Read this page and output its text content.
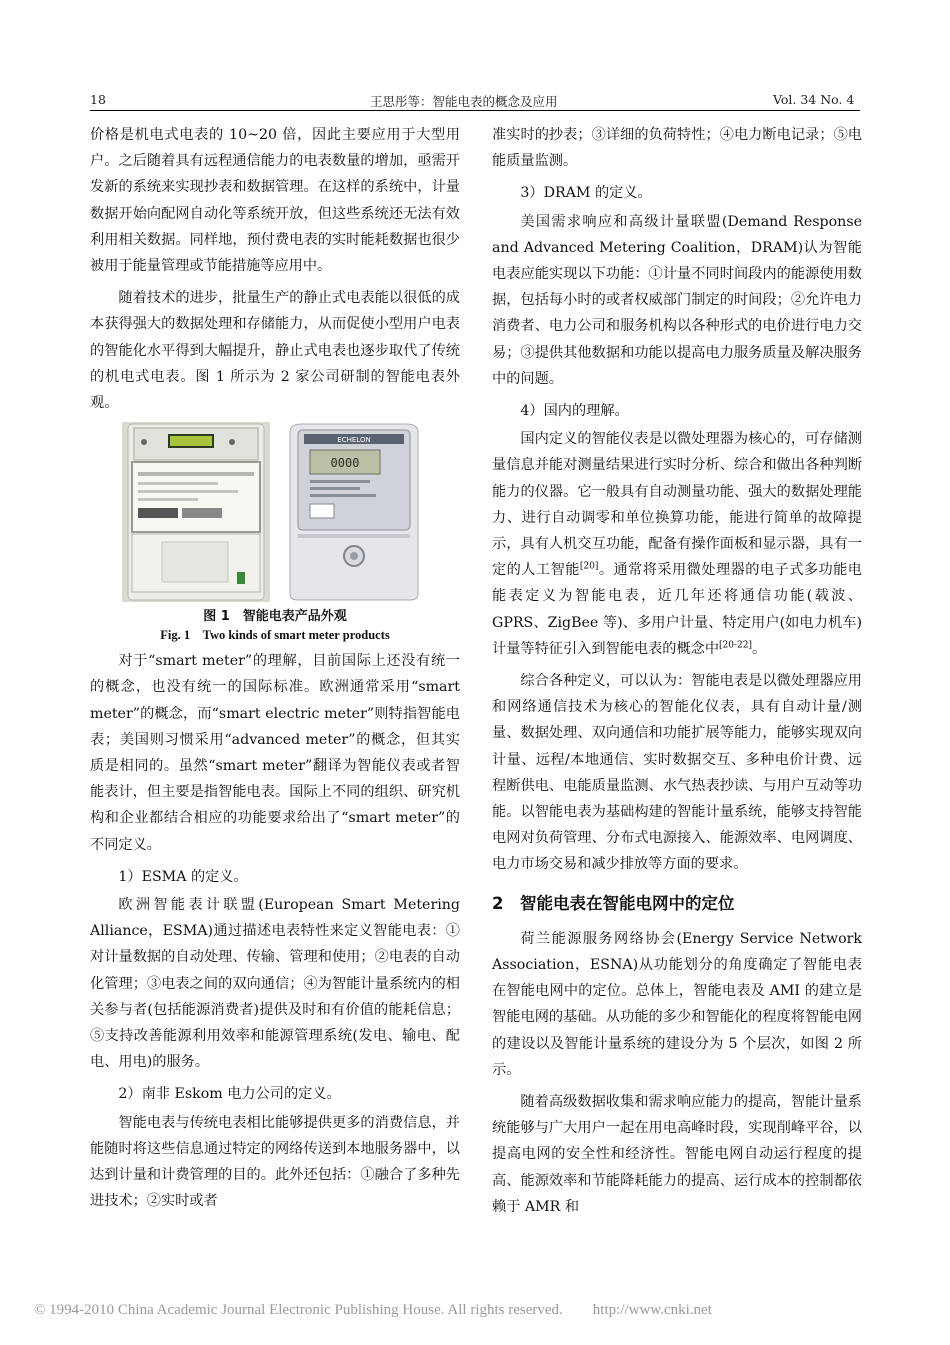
18	王思彤等：智能电表的概念及应用	Vol. 34 No. 4

价格是机电式电表的 10~20 倍，因此主要应用于大型用户。之后随着具有远程通信能力的电表数量的增加，亟需开发新的系统来实现抄表和数据管理。在这样的系统中，计量数据开始向配网自动化等系统开放，但这些系统还无法有效利用相关数据。同样地，预付费电表的实时能耗数据也很少被用于能量管理或节能措施等应用中。

随着技术的进步，批量生产的静止式电表能以很低的成本获得强大的数据处理和存储能力，从而促使小型用户电表的智能化水平得到大幅提升，静止式电表也逐步取代了传统的机电式电表。图 1 所示为 2 家公司研制的智能电表外观。

ECHELON
0000
图 1　智能电表产品外观
Fig. 1　Two kinds of smart meter products

对于“smart meter”的理解，目前国际上还没有统一的概念，也没有统一的国际标准。欧洲通常采用“smart meter”的概念，而“smart electric meter”则特指智能电表；美国则习惯采用“advanced meter”的概念，但其实质是相同的。虽然“smart meter”翻译为智能仪表或者智能表计，但主要是指智能电表。国际上不同的组织、研究机构和企业都结合相应的功能要求给出了“smart meter”的不同定义。

1）ESMA 的定义。

欧洲智能表计联盟(European Smart Metering Alliance，ESMA)通过描述电表特性来定义智能电表：①对计量数据的自动处理、传输、管理和使用；②电表的自动化管理；③电表之间的双向通信；④为智能计量系统内的相关参与者(包括能源消费者)提供及时和有价值的能耗信息；⑤支持改善能源利用效率和能源管理系统(发电、输电、配电、用电)的服务。

2）南非 Eskom 电力公司的定义。

智能电表与传统电表相比能够提供更多的消费信息，并能随时将这些信息通过特定的网络传送到本地服务器中，以达到计量和计费管理的目的。此外还包括：①融合了多种先进技术；②实时或者

准实时的抄表；③详细的负荷特性；④电力断电记录；⑤电能质量监测。

3）DRAM 的定义。

美国需求响应和高级计量联盟(Demand Response and Advanced Metering Coalition，DRAM)认为智能电表应能实现以下功能：①计量不同时间段内的能源使用数据，包括每小时的或者权威部门制定的时间段；②允许电力消费者、电力公司和服务机构以各种形式的电价进行电力交易；③提供其他数据和功能以提高电力服务质量及解决服务中的问题。

4）国内的理解。

国内定义的智能仪表是以微处理器为核心的，可存储测量信息并能对测量结果进行实时分析、综合和做出各种判断能力的仪器。它一般具有自动测量功能、强大的数据处理能力、进行自动调零和单位换算功能，能进行简单的故障提示，具有人机交互功能，配备有操作面板和显示器，具有一定的人工智能[20]。通常将采用微处理器的电子式多功能电能表定义为智能电表，近几年还将通信功能(载波、GPRS、ZigBee 等)、多用户计量、特定用户(如电力机车)计量等特征引入到智能电表的概念中[20-22]。

综合各种定义，可以认为：智能电表是以微处理器应用和网络通信技术为核心的智能化仪表，具有自动计量/测量、数据处理、双向通信和功能扩展等能力，能够实现双向计量、远程/本地通信、实时数据交互、多种电价计费、远程断供电、电能质量监测、水气热表抄读、与用户互动等功能。以智能电表为基础构建的智能计量系统，能够支持智能电网对负荷管理、分布式电源接入、能源效率、电网调度、电力市场交易和减少排放等方面的要求。

2　智能电表在智能电网中的定位

荷兰能源服务网络协会(Energy Service Network Association，ESNA)从功能划分的角度确定了智能电表在智能电网中的定位。总体上，智能电表及 AMI 的建立是智能电网的基础。从功能的多少和智能化的程度将智能电网的建设以及智能计量系统的建设分为 5 个层次，如图 2 所示。

随着高级数据收集和需求响应能力的提高，智能计量系统能够与广大用户一起在用电高峰时段，实现削峰平谷，以提高电网的安全性和经济性。智能电网自动运行程度的提高、能源效率和节能降耗能力的提高、运行成本的控制都依赖于 AMR 和

© 1994-2010 China Academic Journal Electronic Publishing House. All rights reserved.　　http://www.cnki.net
